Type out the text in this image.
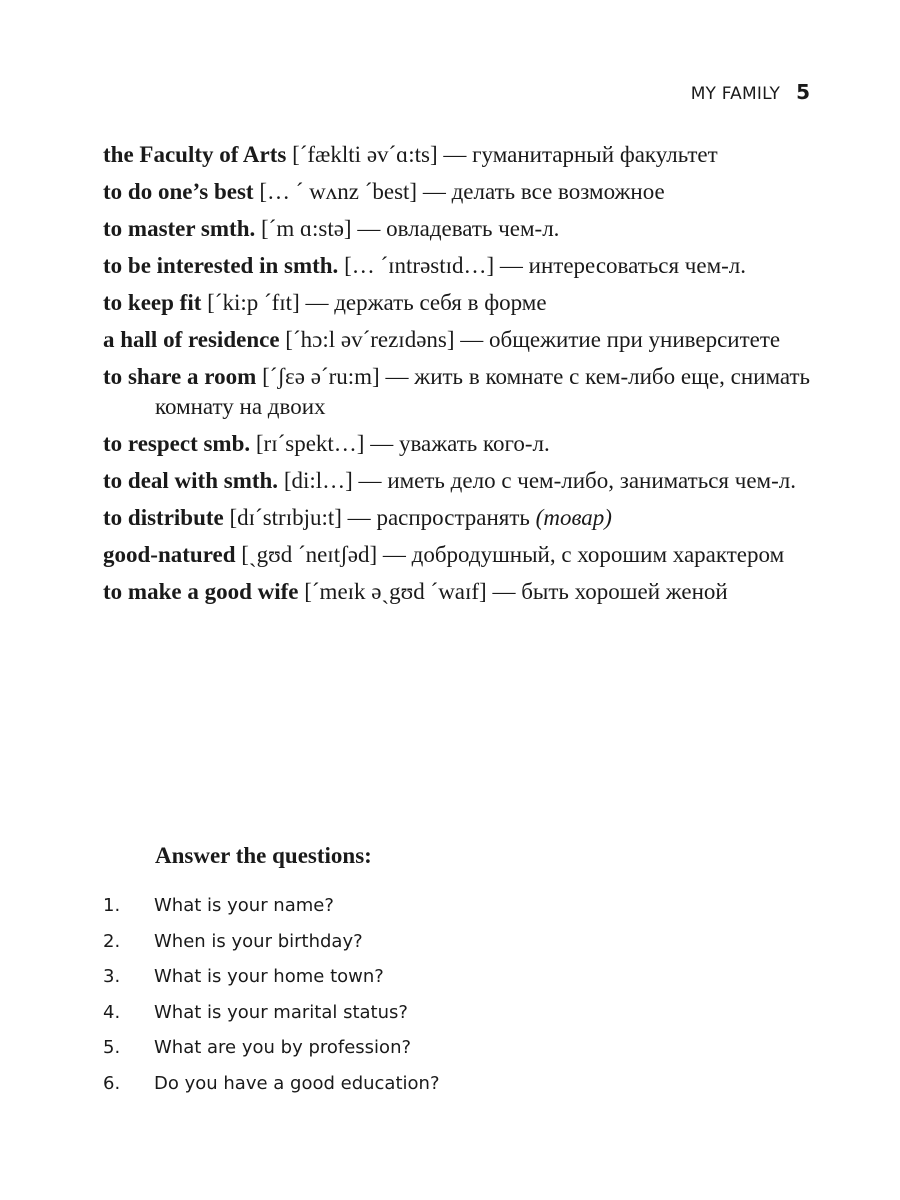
MY FAMILY 5

the Faculty of Arts [´fækltі əv´ɑ:ts] — гуманитарный факультет

to do one’s best [… ´ wʌnz ´best] — делать все возможное

to master smth. [´m ɑ:stə] — овладевать чем-л.

to be interested in smth. [… ´ɪntrəstɪd…] — интересоваться чем-л.

to keep fit [´ki:p ´fɪt] — держать себя в форме

a hall of residence [´hɔ:l əv´rezɪdəns] — общежитие при университете

to share a room [´ʃεə ə´ru:m] — жить в комнате с кем-либо еще, снимать комнату на двоих

to respect smb. [rɪ´spekt…] — уважать кого-л.

to deal with smth. [di:l…] — иметь дело с чем-либо, заниматься чем-л.

to distribute [dɪ´strɪbju:t] — распространять (товар)

good-natured [ˏgʊd ´neɪtʃəd] — добродушный, с хорошим характером

to make a good wife [´meɪk əˏgʊd ´waɪf] — быть хорошей женой

Answer the questions:
1.	What is your name?
2.	When is your birthday?
3.	What is your home town?
4.	What is your marital status?
5.	What are you by profession?
6.	Do you have a good education?
